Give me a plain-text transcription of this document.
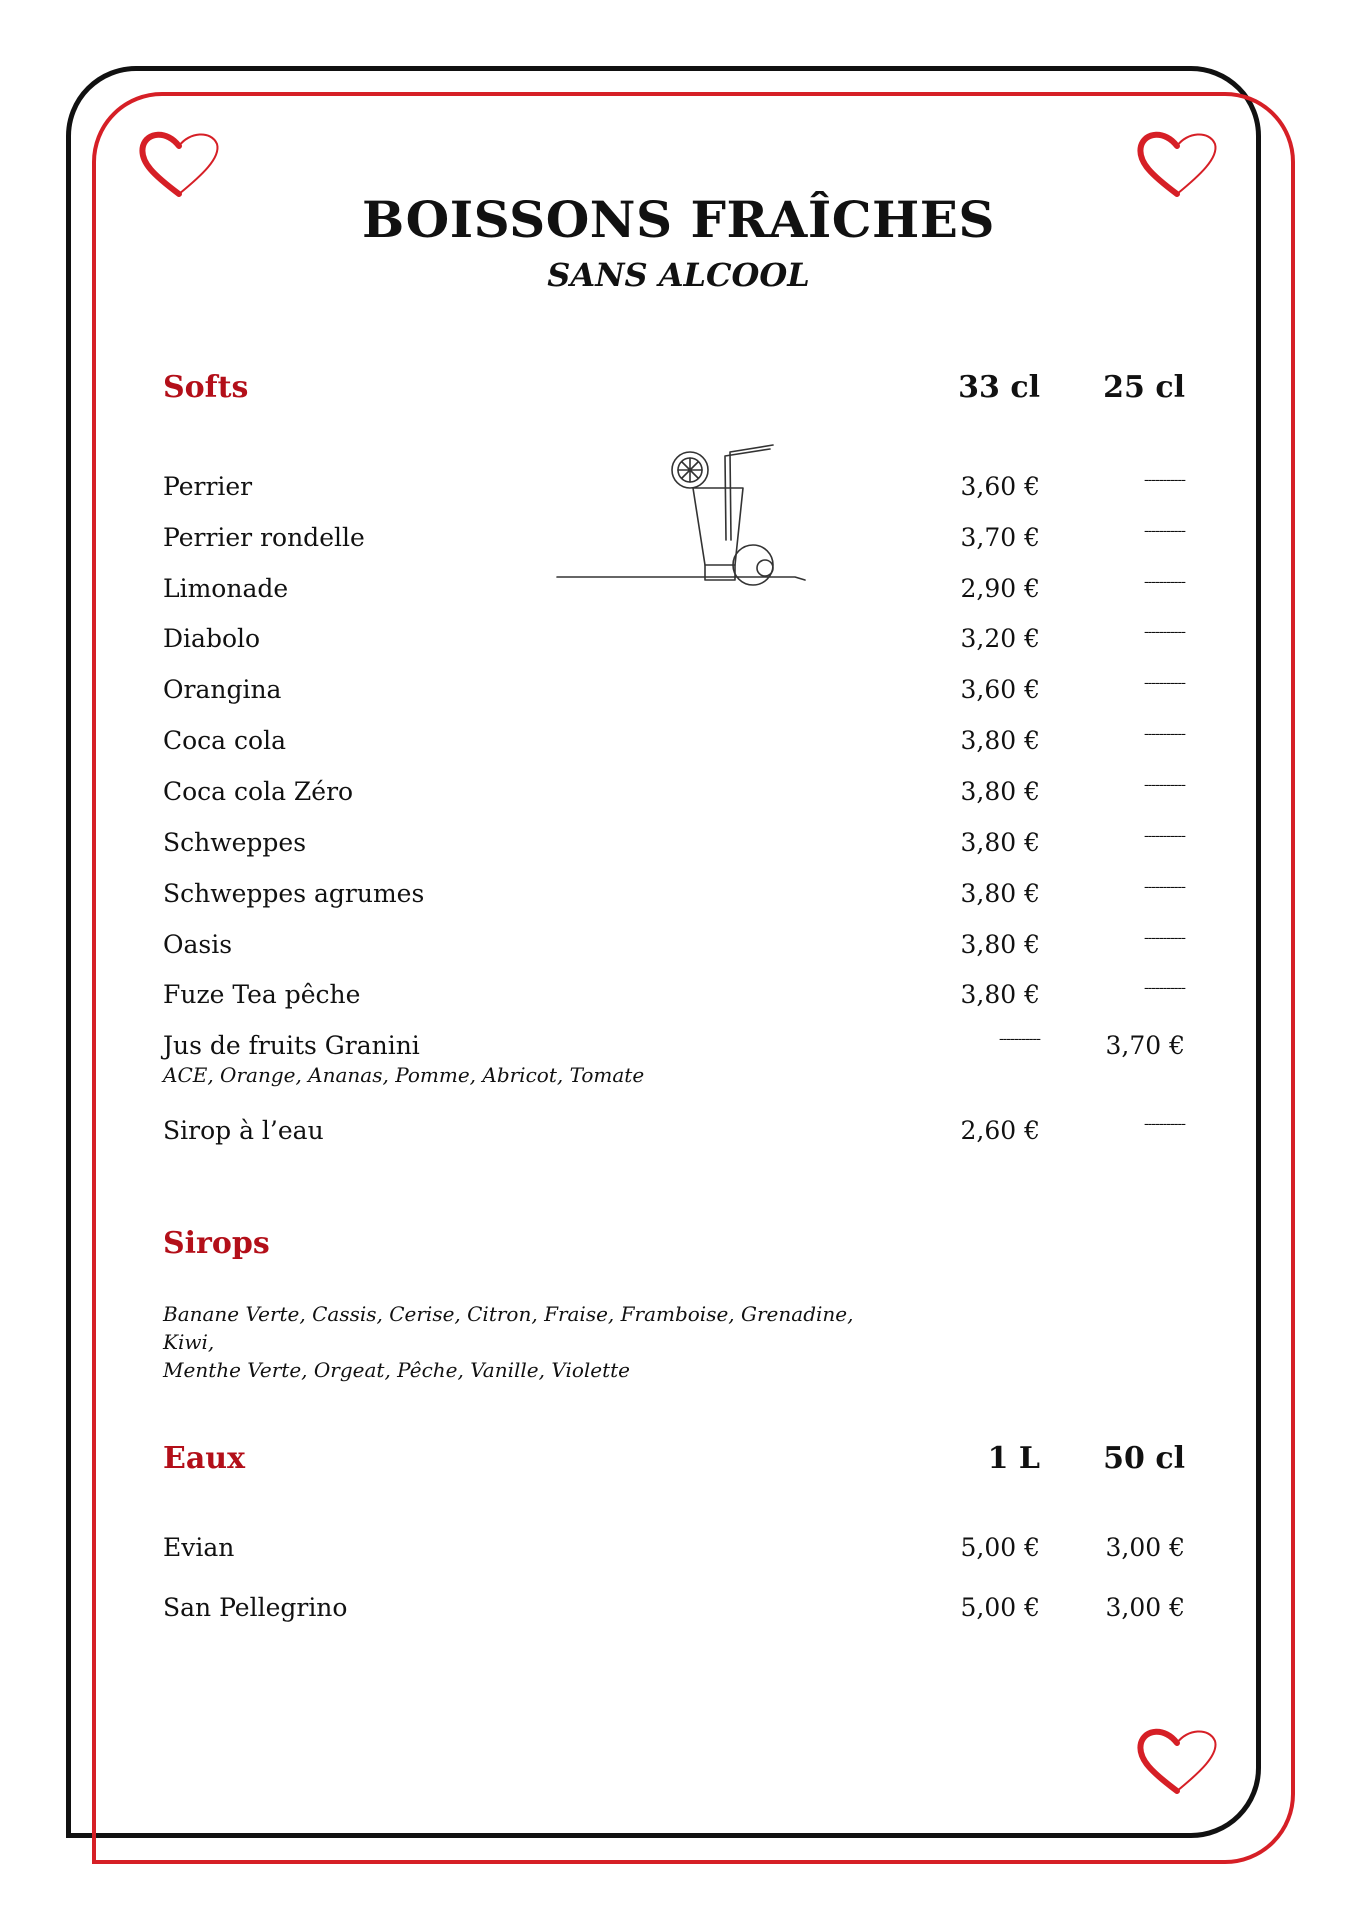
BOISSONS FRAÎCHES
SANS ALCOOL
Softs	33 cl	25 cl
Perrier	3,60 €	-----------
Perrier rondelle	3,70 €	-----------
Limonade	2,90 €	-----------
Diabolo	3,20 €	-----------
Orangina	3,60 €	-----------
Coca cola	3,80 €	-----------
Coca cola Zéro	3,80 €	-----------
Schweppes	3,80 €	-----------
Schweppes agrumes	3,80 €	-----------
Oasis	3,80 €	-----------
Fuze Tea pêche	3,80 €	-----------
Jus de fruits Granini
ACE, Orange, Ananas, Pomme, Abricot, Tomate
-----------	3,70 €
Sirop à l’eau	2,60 €	-----------
Sirops
Banane Verte, Cassis, Cerise, Citron, Fraise, Framboise, Grenadine, Kiwi,
Menthe Verte, Orgeat, Pêche, Vanille, Violette
Eaux	1 L	50 cl
Evian	5,00 €	3,00 €
San Pellegrino	5,00 €	3,00 €
